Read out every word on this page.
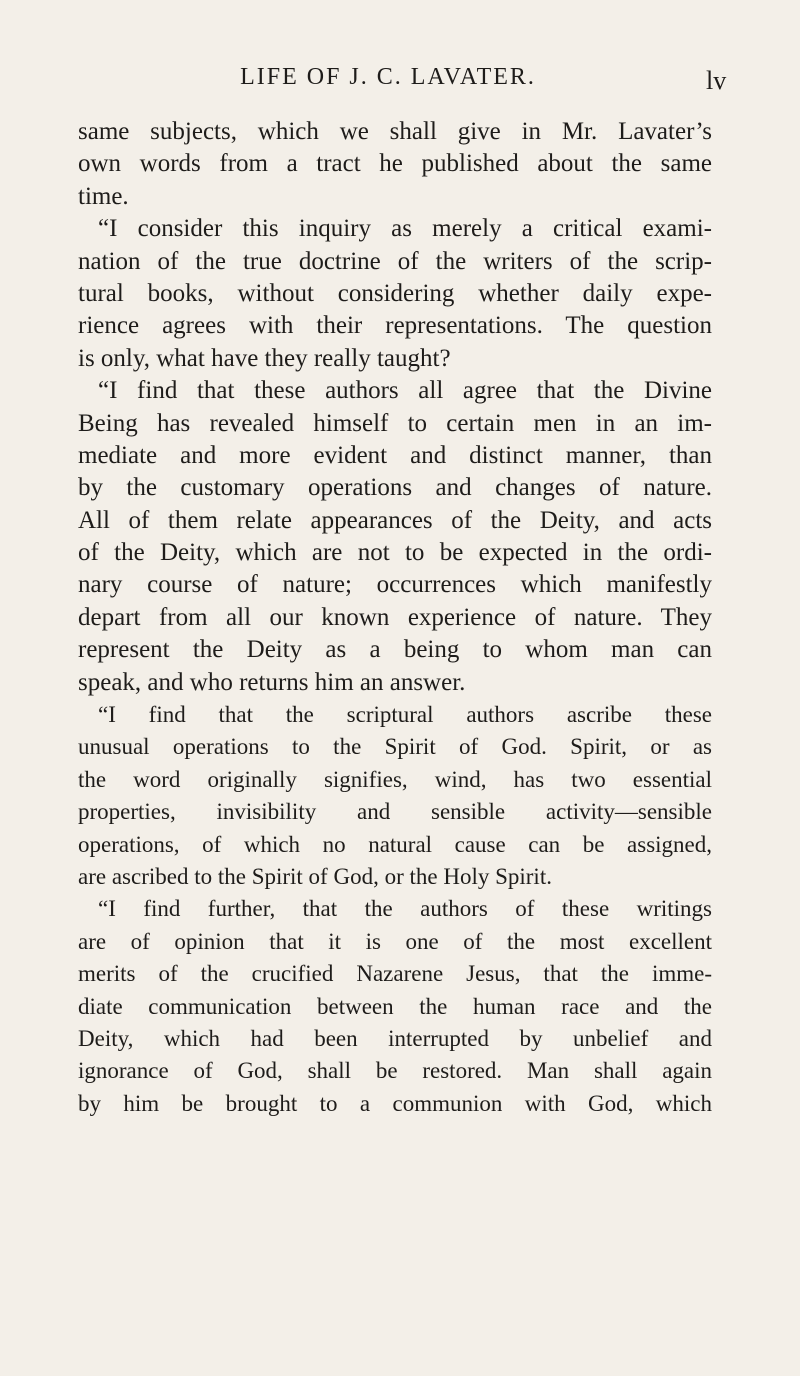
LIFE OF J. C. LAVATER.	lv
same subjects, which we shall give in Mr. Lavater’s
own words from a tract he published about the same
time.
“I consider this inquiry as merely a critical exami-
nation of the true doctrine of the writers of the scrip-
tural books, without considering whether daily expe-
rience agrees with their representations. The question
is only, what have they really taught?
“I find that these authors all agree that the Divine
Being has revealed himself to certain men in an im-
mediate and more evident and distinct manner, than
by the customary operations and changes of nature.
All of them relate appearances of the Deity, and acts
of the Deity, which are not to be expected in the ordi-
nary course of nature; occurrences which manifestly
depart from all our known experience of nature. They
represent the Deity as a being to whom man can
speak, and who returns him an answer.
“I find that the scriptural authors ascribe these
unusual operations to the Spirit of God. Spirit, or as
the word originally signifies, wind, has two essential
properties, invisibility and sensible activity—sensible
operations, of which no natural cause can be assigned,
are ascribed to the Spirit of God, or the Holy Spirit.
“I find further, that the authors of these writings
are of opinion that it is one of the most excellent
merits of the crucified Nazarene Jesus, that the imme-
diate communication between the human race and the
Deity, which had been interrupted by unbelief and
ignorance of God, shall be restored. Man shall again
by him be brought to a communion with God, which
